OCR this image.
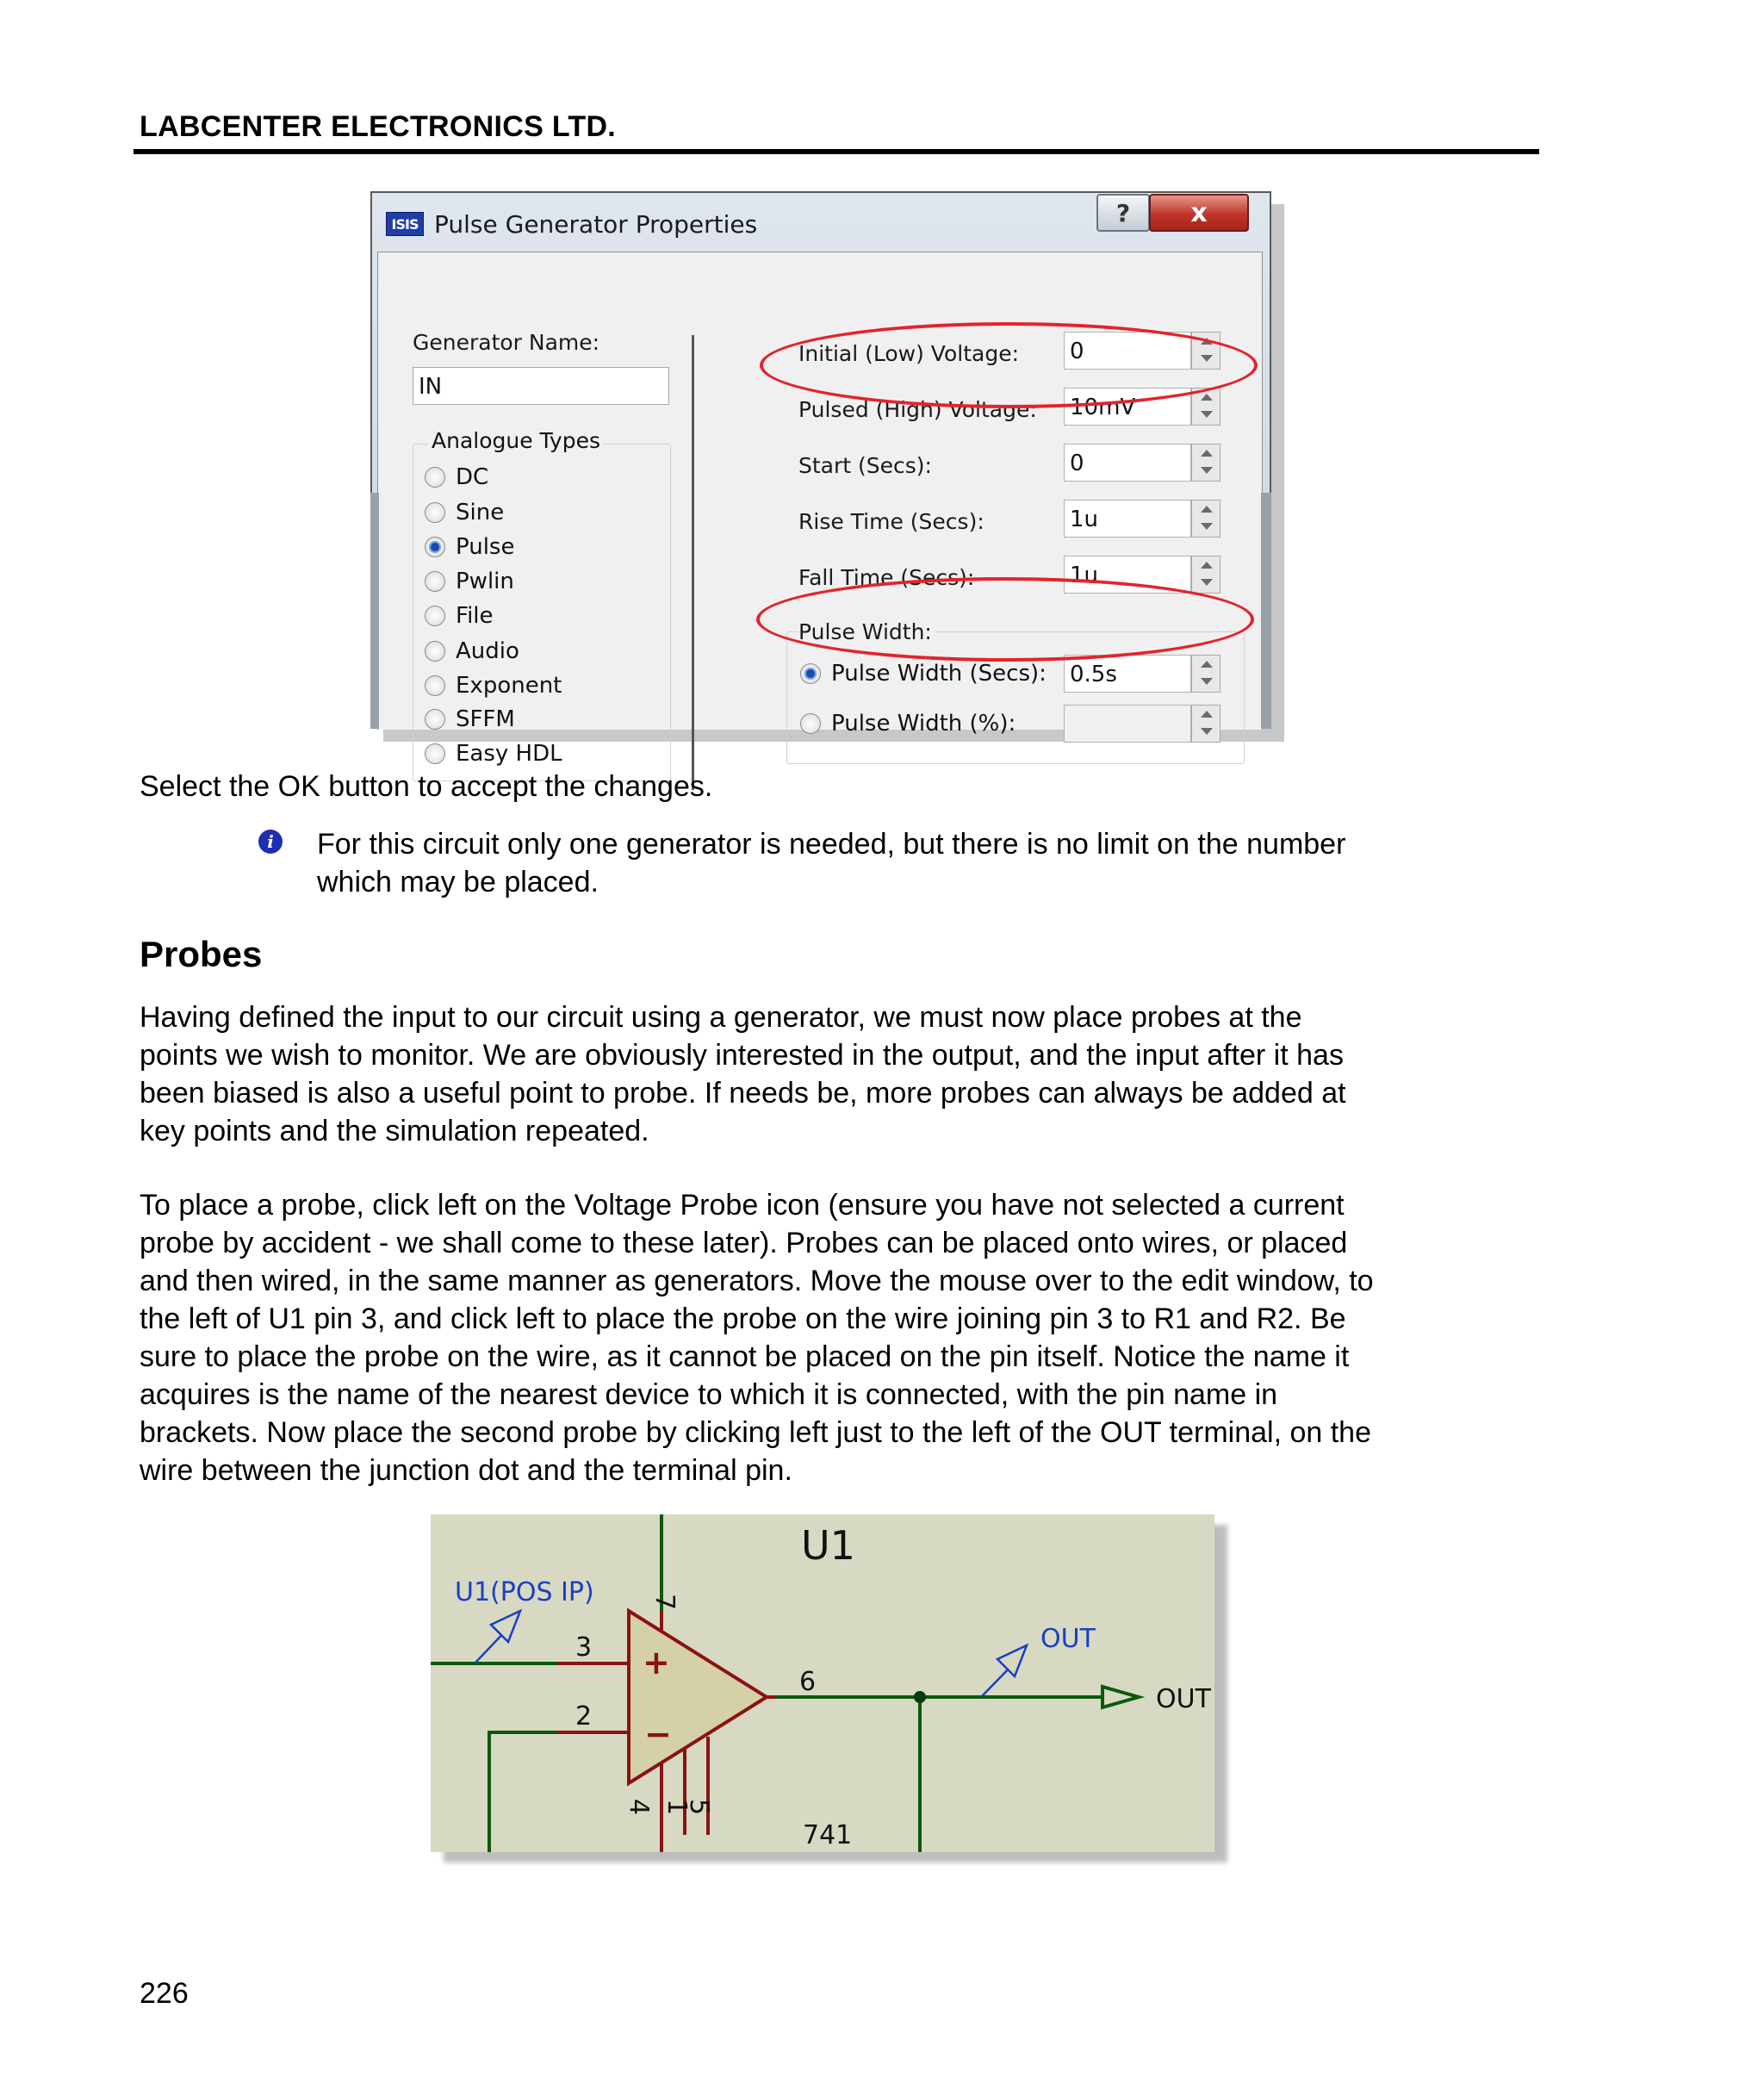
LABCENTER ELECTRONICS LTD.
ISIS Pulse Generator Properties	?	x
Generator Name:
IN
Analogue Types
DC
Sine
Pulse
Pwlin
File
Audio
Exponent
SFFM
Easy HDL
Initial (Low) Voltage: 0
Pulsed (High) Voltage: 10mV
Start (Secs):	0
Rise Time (Secs):	1u
Fall Time (Secs):	1u
Pulse Width:
Pulse Width (Secs): 0.5s
Pulse Width (%):
Select the OK button to accept the changes.
i	For this circuit only one generator is needed, but there is no limit on the number
which may be placed.
Probes
Having defined the input to our circuit using a generator, we must now place probes at the
points we wish to monitor. We are obviously interested in the output, and the input after it has
been biased is also a useful point to probe. If needs be, more probes can always be added at
key points and the simulation repeated.
To place a probe, click left on the Voltage Probe icon (ensure you have not selected a current
probe by accident - we shall come to these later). Probes can be placed onto wires, or placed
and then wired, in the same manner as generators. Move the mouse over to the edit window, to
the left of U1 pin 3, and click left to place the probe on the wire joining pin 3 to R1 and R2. Be
sure to place the probe on the wire, as it cannot be placed on the pin itself. Notice the name it
acquires is the name of the nearest device to which it is connected, with the pin name in
brackets. Now place the second probe by clicking left just to the left of the OUT terminal, on the
wire between the junction dot and the terminal pin.
+
−
U1
741
U1(POS IP)
OUT
OUT
3
2
6
7
4 1
5
226
